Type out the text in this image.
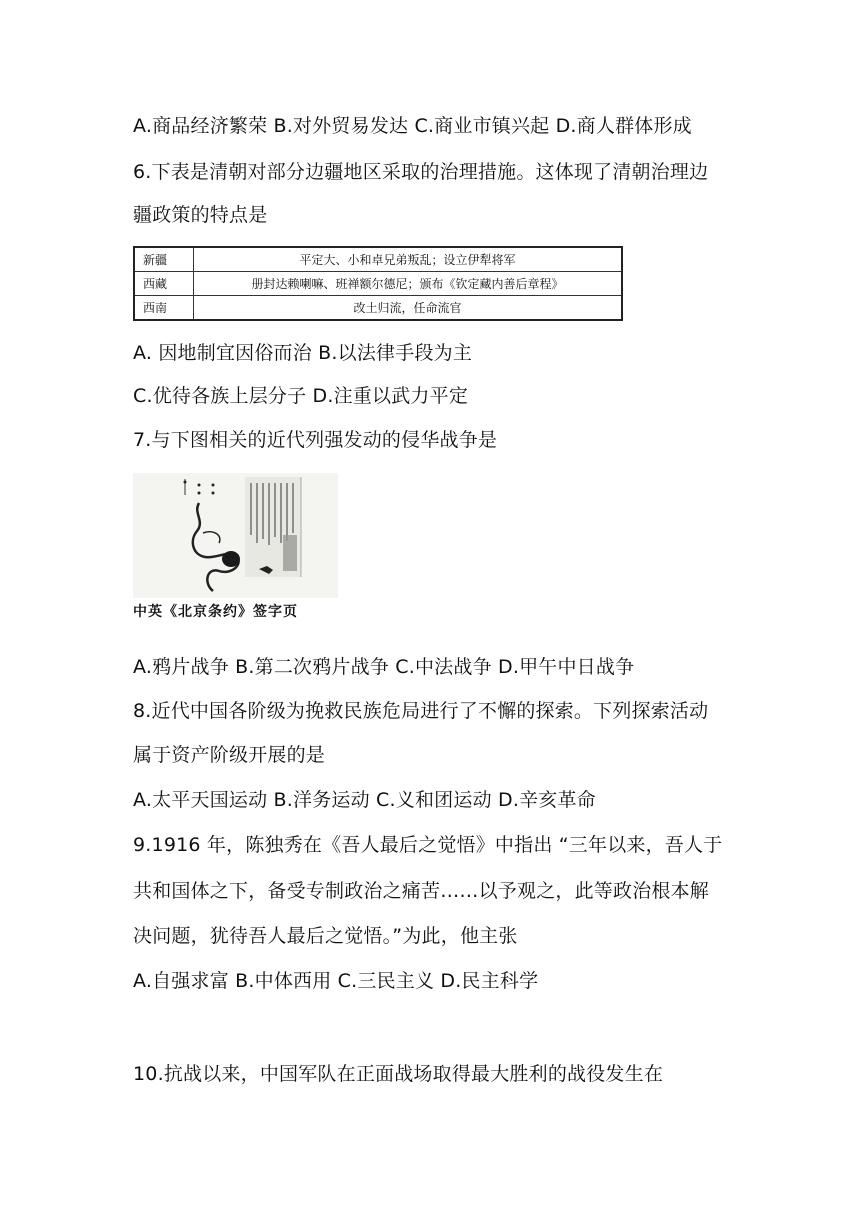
A.商品经济繁荣 B.对外贸易发达 C.商业市镇兴起 D.商人群体形成
6.下表是清朝对部分边疆地区采取的治理措施。这体现了清朝治理边
疆政策的特点是
新疆	平定大、小和卓兄弟叛乱；设立伊犁将军
西藏	册封达赖喇嘛、班禅额尔德尼；颁布《钦定藏内善后章程》
西南	改土归流，任命流官
A. 因地制宜因俗而治 B.以法律手段为主
C.优待各族上层分子 D.注重以武力平定
7.与下图相关的近代列强发动的侵华战争是
中英《北京条约》签字页
A.鸦片战争 B.第二次鸦片战争 C.中法战争 D.甲午中日战争
8.近代中国各阶级为挽救民族危局进行了不懈的探索。下列探索活动
属于资产阶级开展的是
A.太平天国运动 B.洋务运动 C.义和团运动 D.辛亥革命
9.1916 年，陈独秀在《吾人最后之觉悟》中指出 “三年以来，吾人于
共和国体之下，备受专制政治之痛苦……以予观之，此等政治根本解
决问题，犹待吾人最后之觉悟。”为此，他主张
A.自强求富 B.中体西用 C.三民主义 D.民主科学
10.抗战以来，中国军队在正面战场取得最大胜利的战役发生在
